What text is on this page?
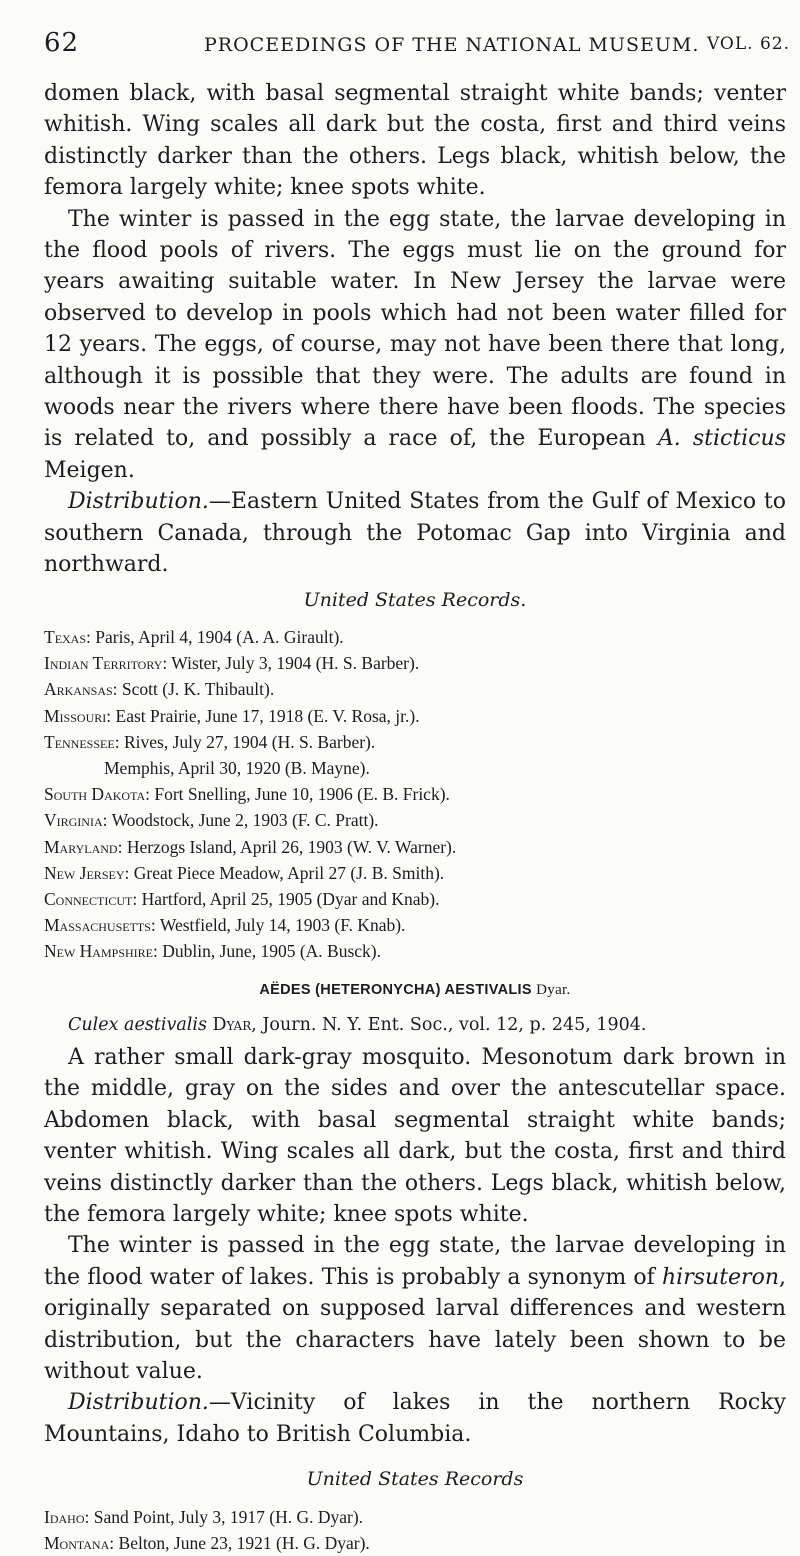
62	PROCEEDINGS OF THE NATIONAL MUSEUM. VOL. 62.

domen black, with basal segmental straight white bands; venter whitish. Wing scales all dark but the costa, first and third veins distinctly darker than the others. Legs black, whitish below, the femora largely white; knee spots white.

The winter is passed in the egg state, the larvae developing in the flood pools of rivers. The eggs must lie on the ground for years awaiting suitable water. In New Jersey the larvae were observed to develop in pools which had not been water filled for 12 years. The eggs, of course, may not have been there that long, although it is possible that they were. The adults are found in woods near the rivers where there have been floods. The species is related to, and possibly a race of, the European A. sticticus Meigen.

Distribution.—Eastern United States from the Gulf of Mexico to southern Canada, through the Potomac Gap into Virginia and northward.

United States Records.
Texas: Paris, April 4, 1904 (A. A. Girault).
Indian Territory: Wister, July 3, 1904 (H. S. Barber).
Arkansas: Scott (J. K. Thibault).
Missouri: East Prairie, June 17, 1918 (E. V. Rosa, jr.).
Tennessee: Rives, July 27, 1904 (H. S. Barber).
Memphis, April 30, 1920 (B. Mayne).
South Dakota: Fort Snelling, June 10, 1906 (E. B. Frick).
Virginia: Woodstock, June 2, 1903 (F. C. Pratt).
Maryland: Herzogs Island, April 26, 1903 (W. V. Warner).
New Jersey: Great Piece Meadow, April 27 (J. B. Smith).
Connecticut: Hartford, April 25, 1905 (Dyar and Knab).
Massachusetts: Westfield, July 14, 1903 (F. Knab).
New Hampshire: Dublin, June, 1905 (A. Busck).
AËDES (HETERONYCHA) AESTIVALIS Dyar.

Culex aestivalis Dyar, Journ. N. Y. Ent. Soc., vol. 12, p. 245, 1904.

A rather small dark-gray mosquito. Mesonotum dark brown in the middle, gray on the sides and over the antescutellar space. Abdomen black, with basal segmental straight white bands; venter whitish. Wing scales all dark, but the costa, first and third veins distinctly darker than the others. Legs black, whitish below, the femora largely white; knee spots white.

The winter is passed in the egg state, the larvae developing in the flood water of lakes. This is probably a synonym of hirsuteron, originally separated on supposed larval differences and western distribution, but the characters have lately been shown to be without value.

Distribution.—Vicinity of lakes in the northern Rocky Mountains, Idaho to British Columbia.

United States Records
Idaho: Sand Point, July 3, 1917 (H. G. Dyar).
Montana: Belton, June 23, 1921 (H. G. Dyar).
